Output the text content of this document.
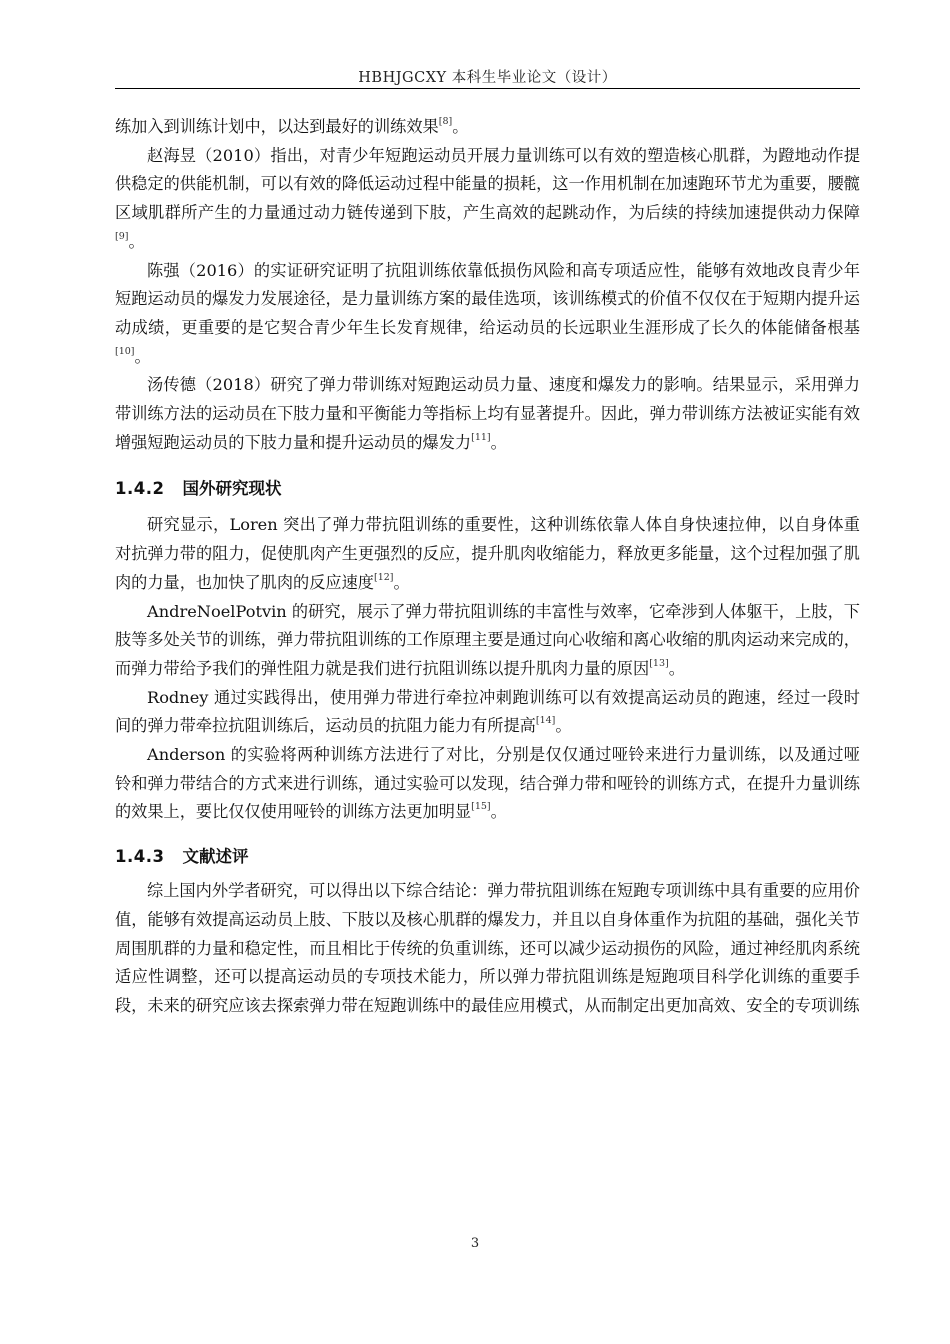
HBHJGCXY 本科生毕业论文（设计）

练加入到训练计划中，以达到最好的训练效果[8]。

赵海昱（2010）指出，对青少年短跑运动员开展力量训练可以有效的塑造核心肌群，为蹬地动作提供稳定的供能机制，可以有效的降低运动过程中能量的损耗，这一作用机制在加速跑环节尤为重要，腰髋区域肌群所产生的力量通过动力链传递到下肢，产生高效的起跳动作，为后续的持续加速提供动力保障[9]。

陈强（2016）的实证研究证明了抗阻训练依靠低损伤风险和高专项适应性，能够有效地改良青少年短跑运动员的爆发力发展途径，是力量训练方案的最佳选项，该训练模式的价值不仅仅在于短期内提升运动成绩，更重要的是它契合青少年生长发育规律，给运动员的长远职业生涯形成了长久的体能储备根基[10]。

汤传德（2018）研究了弹力带训练对短跑运动员力量、速度和爆发力的影响。结果显示，采用弹力带训练方法的运动员在下肢力量和平衡能力等指标上均有显著提升。因此，弹力带训练方法被证实能有效增强短跑运动员的下肢力量和提升运动员的爆发力[11]。

1.4.2 国外研究现状

研究显示，Loren 突出了弹力带抗阻训练的重要性，这种训练依靠人体自身快速拉伸，以自身体重对抗弹力带的阻力，促使肌肉产生更强烈的反应，提升肌肉收缩能力，释放更多能量，这个过程加强了肌肉的力量，也加快了肌肉的反应速度[12]。

AndreNoelPotvin 的研究，展示了弹力带抗阻训练的丰富性与效率，它牵涉到人体躯干，上肢，下肢等多处关节的训练，弹力带抗阻训练的工作原理主要是通过向心收缩和离心收缩的肌肉运动来完成的，而弹力带给予我们的弹性阻力就是我们进行抗阻训练以提升肌肉力量的原因[13]。

Rodney 通过实践得出，使用弹力带进行牵拉冲刺跑训练可以有效提高运动员的跑速，经过一段时间的弹力带牵拉抗阻训练后，运动员的抗阻力能力有所提高[14]。

Anderson 的实验将两种训练方法进行了对比，分别是仅仅通过哑铃来进行力量训练，以及通过哑铃和弹力带结合的方式来进行训练，通过实验可以发现，结合弹力带和哑铃的训练方式，在提升力量训练的效果上，要比仅仅使用哑铃的训练方法更加明显[15]。

1.4.3 文献述评

综上国内外学者研究，可以得出以下综合结论：弹力带抗阻训练在短跑专项训练中具有重要的应用价值，能够有效提高运动员上肢、下肢以及核心肌群的爆发力，并且以自身体重作为抗阻的基础，强化关节周围肌群的力量和稳定性，而且相比于传统的负重训练，还可以减少运动损伤的风险，通过神经肌肉系统适应性调整，还可以提高运动员的专项技术能力，所以弹力带抗阻训练是短跑项目科学化训练的重要手段，未来的研究应该去探索弹力带在短跑训练中的最佳应用模式，从而制定出更加高效、安全的专项训练

3
